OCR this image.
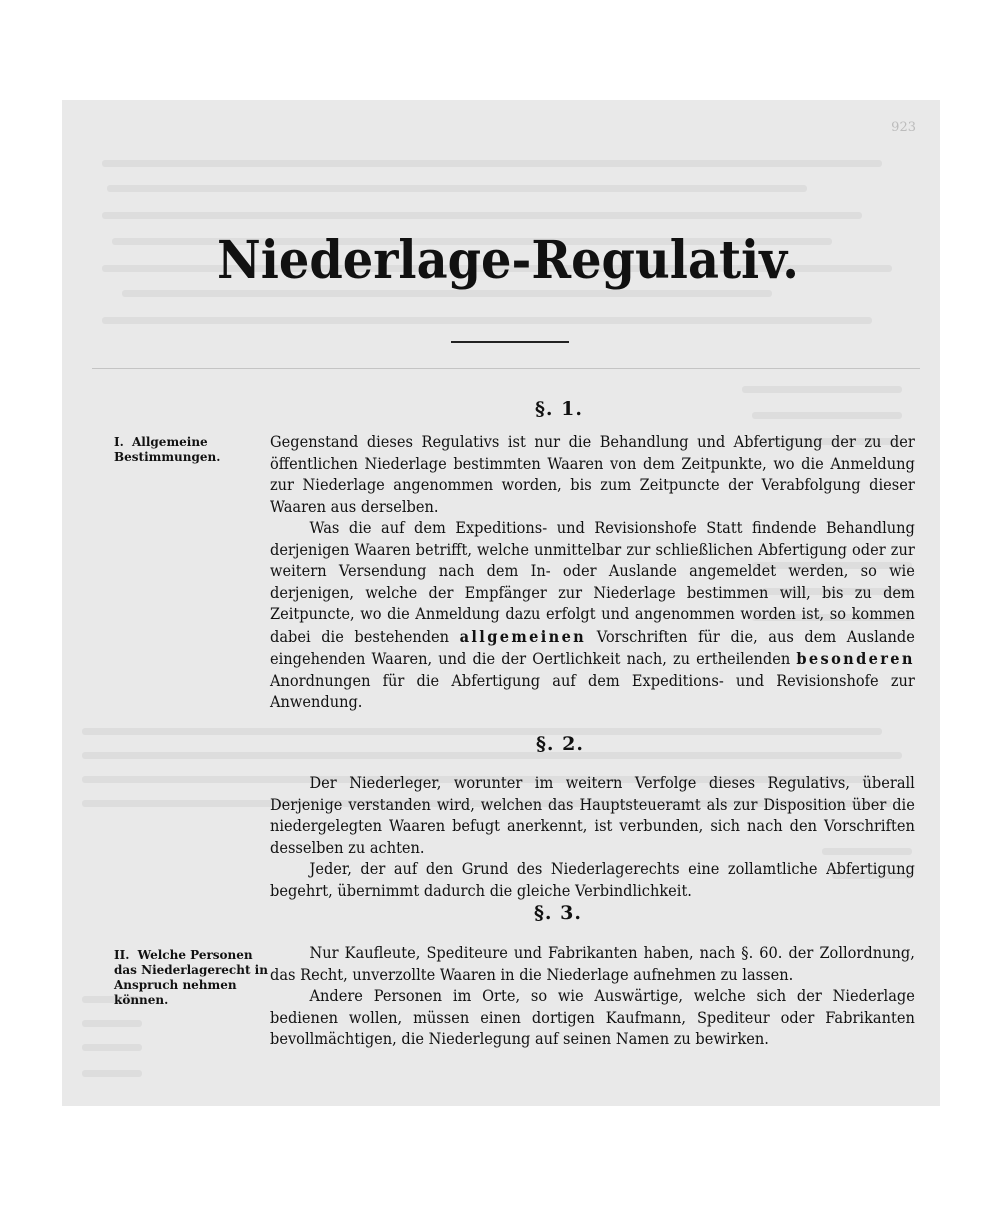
923
Niederlage-Regulativ.
§. 1.
I. Allgemeine Bestimmungen.

Gegenstand dieses Regulativs ist nur die Behandlung und Abfertigung der zu der öffentlichen Niederlage bestimmten Waaren von dem Zeitpunkte, wo die Anmeldung zur Niederlage angenommen worden, bis zum Zeitpuncte der Verabfolgung dieser Waaren aus derselben.

Was die auf dem Expeditions- und Revisionshofe Statt findende Behandlung derjenigen Waaren betrifft, welche unmittelbar zur schließlichen Abfertigung oder zur weitern Versendung nach dem In- oder Auslande angemeldet werden, so wie derjenigen, welche der Empfänger zur Niederlage bestimmen will, bis zu dem Zeitpuncte, wo die Anmeldung dazu erfolgt und angenommen worden ist, so kommen dabei die bestehenden allgemeinen Vorschriften für die, aus dem Auslande eingehenden Waaren, und die der Oertlichkeit nach, zu ertheilenden besonderen Anordnungen für die Abfertigung auf dem Expeditions- und Revisionshofe zur Anwendung.

§. 2.

Der Niederleger, worunter im weitern Verfolge dieses Regulativs, überall Derjenige verstanden wird, welchen das Hauptsteueramt als zur Disposition über die niedergelegten Waaren befugt anerkennt, ist verbunden, sich nach den Vorschriften desselben zu achten.

Jeder, der auf den Grund des Niederlagerechts eine zollamtliche Abfertigung begehrt, übernimmt dadurch die gleiche Verbindlichkeit.

§. 3.
II. Welche Personen das Niederlagerecht in Anspruch nehmen können.

Nur Kaufleute, Spediteure und Fabrikanten haben, nach §. 60. der Zollordnung, das Recht, unverzollte Waaren in die Niederlage aufnehmen zu lassen.

Andere Personen im Orte, so wie Auswärtige, welche sich der Niederlage bedienen wollen, müssen einen dortigen Kaufmann, Spediteur oder Fabrikanten bevollmächtigen, die Niederlegung auf seinen Namen zu bewirken.
